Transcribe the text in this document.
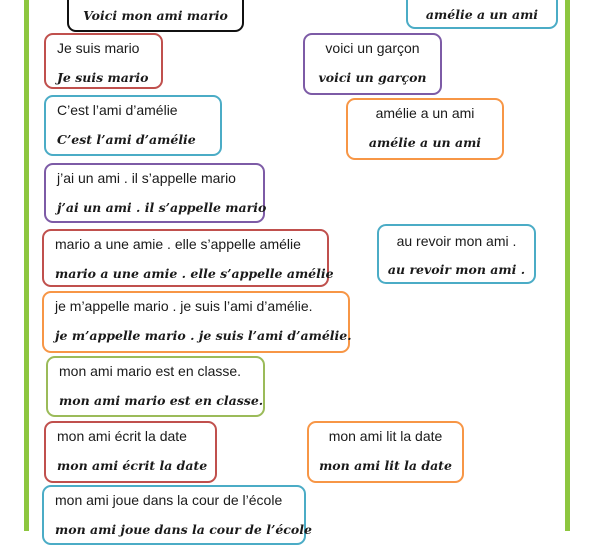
Voici mon ami mario	amélie a un ami
Je suis mario
Je suis mario
voici un garçon
voici un garçon
C’est l’ami d’amélie
C’est l’ami d’amélie
amélie a un ami
amélie a un ami
j’ai un ami . il s’appelle mario
j’ai un ami . il s’appelle mario
mario a une amie . elle s’appelle amélie
mario a une amie . elle s’appelle amélie
au revoir mon ami .
au revoir mon ami .
je m’appelle mario . je suis l’ami d’amélie.
je m’appelle mario . je suis l’ami d’amélie.
mon ami mario est en classe.
mon ami mario est en classe.
mon ami écrit la date
mon ami écrit la date
mon ami lit la date
mon ami lit la date
mon ami joue dans la cour de l’école
mon ami joue dans la cour de l’école
